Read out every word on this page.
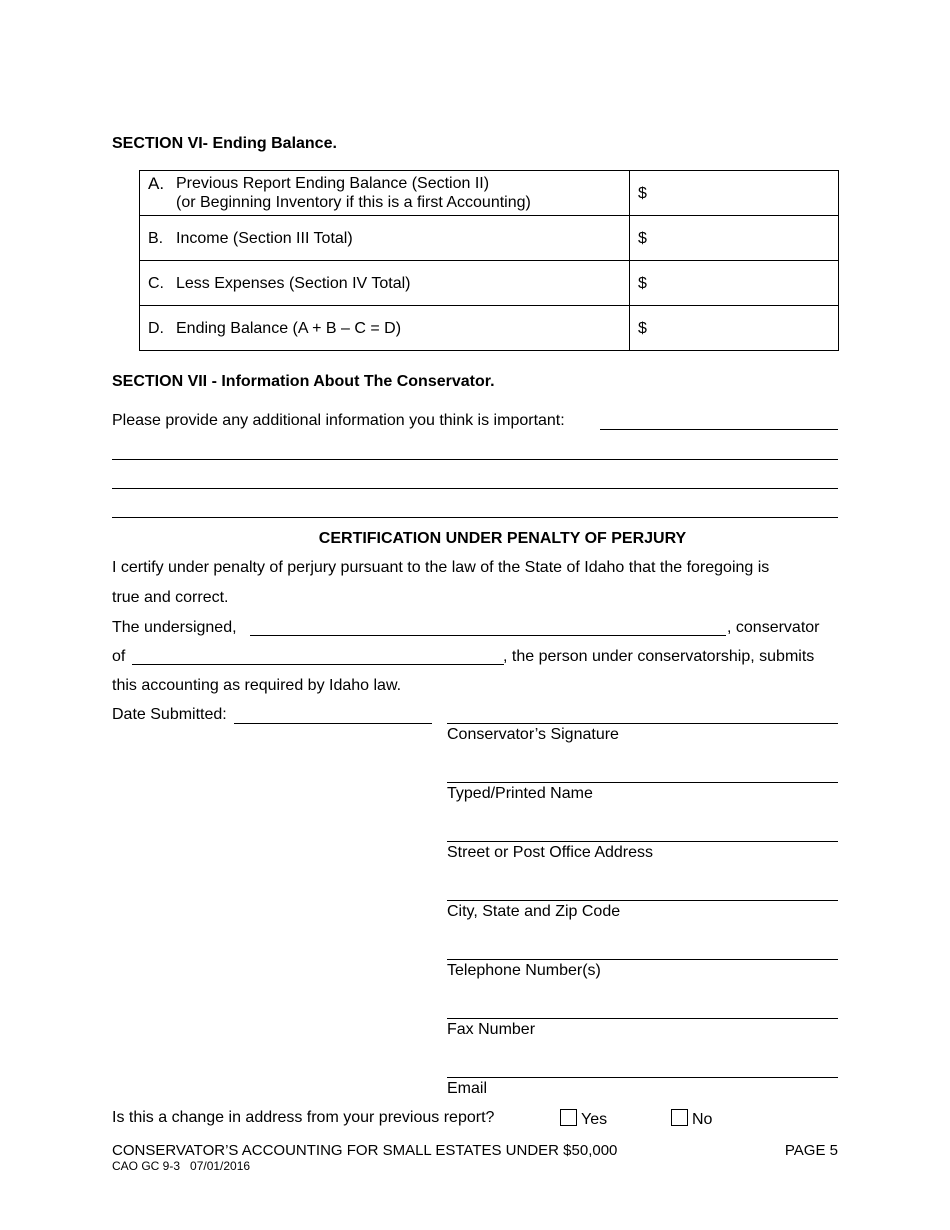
SECTION VI- Ending Balance.
A. Previous Report Ending Balance (Section II)
(or Beginning Inventory if this is a first Accounting)	$

B. Income (Section III Total)	$

C. Less Expenses (Section IV Total)	$

D. Ending Balance (A + B – C = D)	$
SECTION VII - Information About The Conservator.
Please provide any additional information you think is important:
CERTIFICATION UNDER PENALTY OF PERJURY
I certify under penalty of perjury pursuant to the law of the State of Idaho that the foregoing is
true and correct.
The undersigned,	, conservator
of	, the person under conservatorship, submits
this accounting as required by Idaho law.
Date Submitted:
Conservator’s Signature
Typed/Printed Name
Street or Post Office Address
City, State and Zip Code
Telephone Number(s)
Fax Number
Email
Is this a change in address from your previous report?	Yes	No
CONSERVATOR’S ACCOUNTING FOR SMALL ESTATES UNDER $50,000	PAGE 5
CAO GC 9-3   07/01/2016
